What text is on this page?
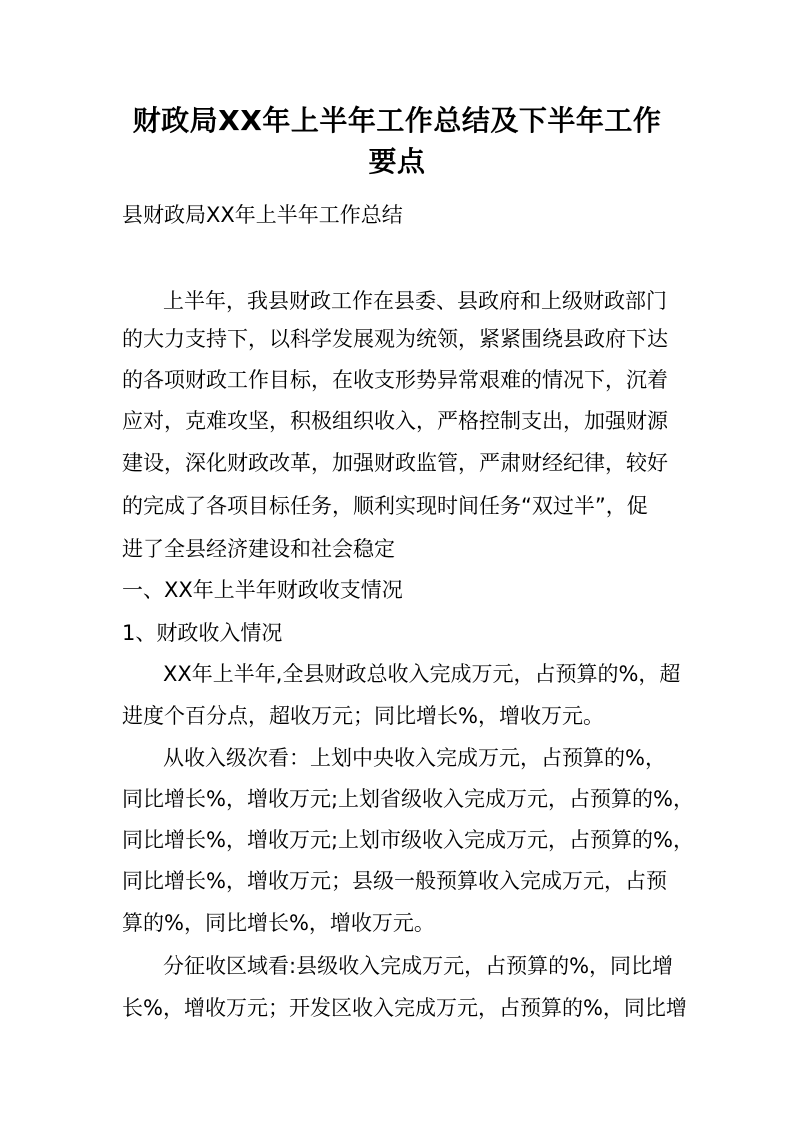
财政局XX年上半年工作总结及下半年工作
要点

县财政局XX年上半年工作总结

上半年，我县财政工作在县委、县政府和上级财政部门

的大力支持下，以科学发展观为统领，紧紧围绕县政府下达

的各项财政工作目标，在收支形势异常艰难的情况下，沉着

应对，克难攻坚，积极组织收入，严格控制支出，加强财源

建设，深化财政改革，加强财政监管，严肃财经纪律，较好

的完成了各项目标任务，顺利实现时间任务“双过半”，促

进了全县经济建设和社会稳定

一、XX年上半年财政收支情况

1、财政收入情况

XX年上半年,全县财政总收入完成万元，占预算的%，超

进度个百分点，超收万元；同比增长%，增收万元。

从收入级次看：上划中央收入完成万元，占预算的%，

同比增长%，增收万元;上划省级收入完成万元，占预算的%，

同比增长%，增收万元;上划市级收入完成万元，占预算的%，

同比增长%，增收万元；县级一般预算收入完成万元，占预

算的%，同比增长%，增收万元。

分征收区域看:县级收入完成万元，占预算的%，同比增

长%，增收万元；开发区收入完成万元，占预算的%，同比增
